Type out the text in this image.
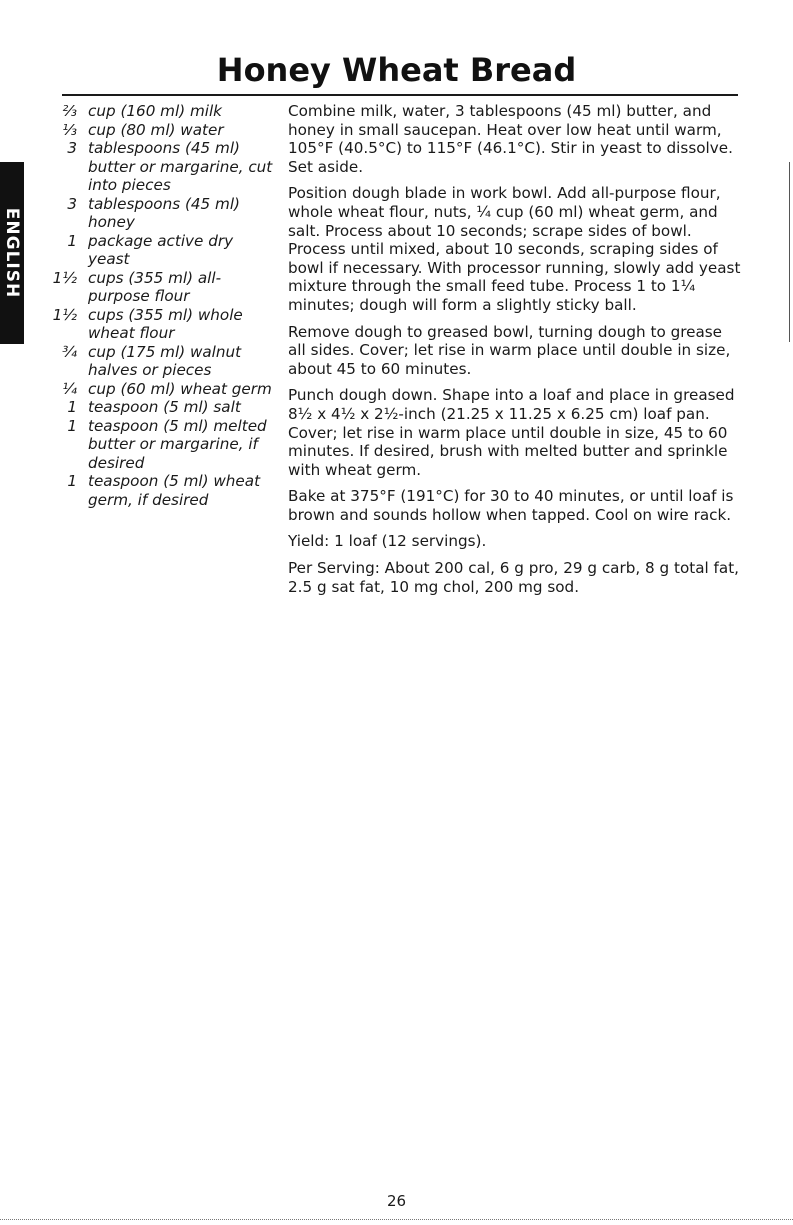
Honey Wheat Bread
ENGLISH
⅔ cup (160 ml) milk
⅓ cup (80 ml) water
3 tablespoons (45 ml) butter or margarine, cut into pieces
3 tablespoons (45 ml) honey
1 package active dry yeast
1½ cups (355 ml) all-purpose flour
1½ cups (355 ml) whole wheat flour
¾ cup (175 ml) walnut halves or pieces
¼ cup (60 ml) wheat germ
1 teaspoon (5 ml) salt
1 teaspoon (5 ml) melted butter or margarine, if desired
1 teaspoon (5 ml) wheat germ, if desired

Combine milk, water, 3 tablespoons (45 ml) butter, and honey in small saucepan. Heat over low heat until warm, 105°F (40.5°C) to 115°F (46.1°C). Stir in yeast to dissolve. Set aside.

Position dough blade in work bowl. Add all-purpose flour, whole wheat flour, nuts, ¼ cup (60 ml) wheat germ, and salt. Process about 10 seconds; scrape sides of bowl. Process until mixed, about 10 seconds, scraping sides of bowl if necessary. With processor running, slowly add yeast mixture through the small feed tube. Process 1 to 1¼ minutes; dough will form a slightly sticky ball.

Remove dough to greased bowl, turning dough to grease all sides. Cover; let rise in warm place until double in size, about 45 to 60 minutes.

Punch dough down. Shape into a loaf and place in greased 8½ x 4½ x 2½-inch (21.25 x 11.25 x 6.25 cm) loaf pan. Cover; let rise in warm place until double in size, 45 to 60 minutes. If desired, brush with melted butter and sprinkle with wheat germ.

Bake at 375°F (191°C) for 30 to 40 minutes, or until loaf is brown and sounds hollow when tapped. Cool on wire rack.

Yield: 1 loaf (12 servings).

Per Serving: About 200 cal, 6 g pro, 29 g carb, 8 g total fat, 2.5 g sat fat, 10 mg chol, 200 mg sod.

26
